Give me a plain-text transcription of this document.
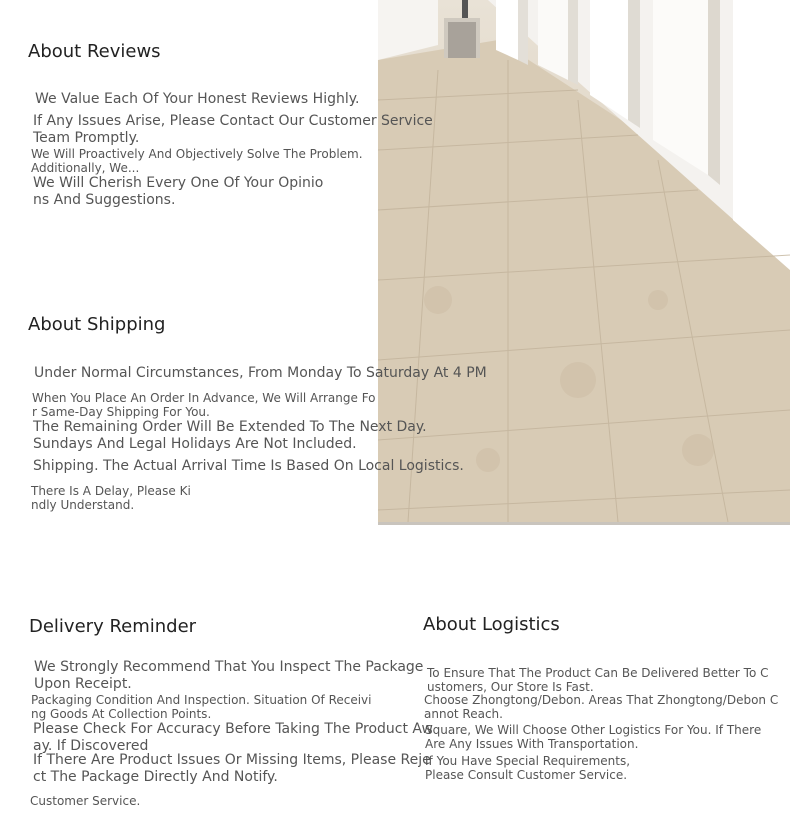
About Reviews
We Value Each Of Your Honest Reviews Highly.
If Any Issues Arise, Please Contact Our Customer Service
Team Promptly.
We Will Proactively And Objectively Solve The Problem.
Additionally, We...
We Will Cherish Every One Of Your Opinio
ns And Suggestions.
About Shipping
Under Normal Circumstances, From Monday To Saturday At 4 PM
When You Place An Order In Advance, We Will Arrange Fo
r Same-Day Shipping For You.
The Remaining Order Will Be Extended To The Next Day.
Sundays And Legal Holidays Are Not Included.
Shipping. The Actual Arrival Time Is Based On Local Logistics.
There Is A Delay, Please Ki
ndly Understand.
Delivery Reminder
We Strongly Recommend That You Inspect The Package
Upon Receipt.
Packaging Condition And Inspection. Situation Of Receivi
ng Goods At Collection Points.
Please Check For Accuracy Before Taking The Product Aw
ay. If Discovered
If There Are Product Issues Or Missing Items, Please Reje
ct The Package Directly And Notify.
Customer Service.
About Logistics
To Ensure That The Product Can Be Delivered Better To C
ustomers, Our Store Is Fast.
Choose Zhongtong/Debon. Areas That Zhongtong/Debon C
annot Reach.
Square, We Will Choose Other Logistics For You. If There
Are Any Issues With Transportation.
If You Have Special Requirements,
Please Consult Customer Service.
